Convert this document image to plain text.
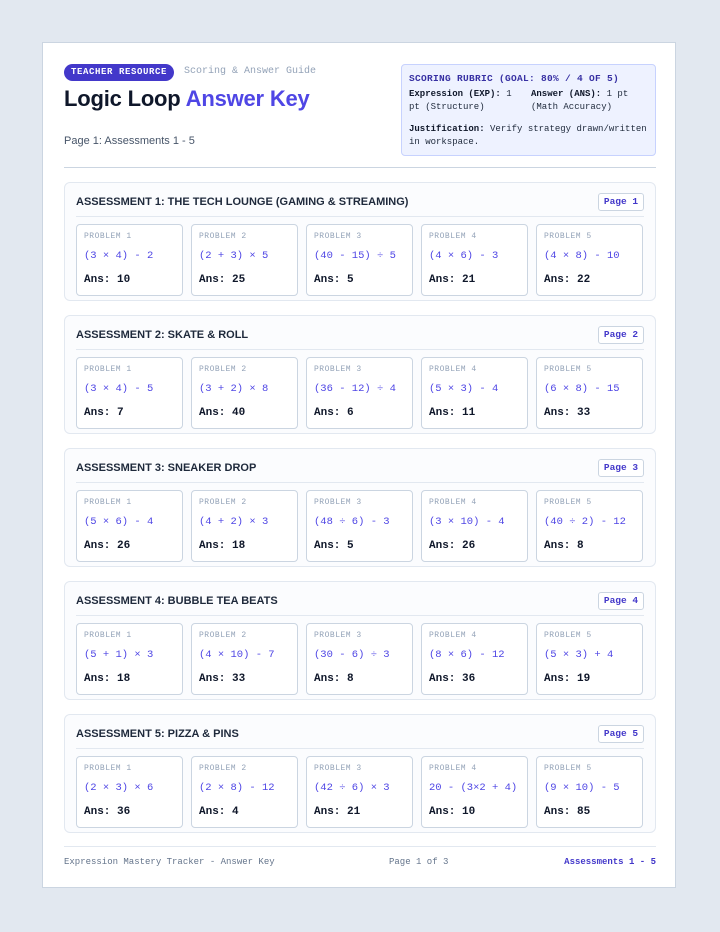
TEACHER RESOURCE	Scoring & Answer Guide
Logic Loop Answer Key
Page 1: Assessments 1 - 5
SCORING RUBRIC (GOAL: 80% / 4 OF 5)
Expression (EXP): 1 pt (Structure)
Answer (ANS): 1 pt (Math Accuracy)
Justification: Verify strategy drawn/written in workspace.
ASSESSMENT 1: THE TECH LOUNGE (GAMING & STREAMING)	Page 1
PROBLEM 1
(3 × 4) - 2
Ans: 10
PROBLEM 2
(2 + 3) × 5
Ans: 25
PROBLEM 3
(40 - 15) ÷ 5
Ans: 5
PROBLEM 4
(4 × 6) - 3
Ans: 21
PROBLEM 5
(4 × 8) - 10
Ans: 22
ASSESSMENT 2: SKATE & ROLL	Page 2
PROBLEM 1
(3 × 4) - 5
Ans: 7
PROBLEM 2
(3 + 2) × 8
Ans: 40
PROBLEM 3
(36 - 12) ÷ 4
Ans: 6
PROBLEM 4
(5 × 3) - 4
Ans: 11
PROBLEM 5
(6 × 8) - 15
Ans: 33
ASSESSMENT 3: SNEAKER DROP	Page 3
PROBLEM 1
(5 × 6) - 4
Ans: 26
PROBLEM 2
(4 + 2) × 3
Ans: 18
PROBLEM 3
(48 ÷ 6) - 3
Ans: 5
PROBLEM 4
(3 × 10) - 4
Ans: 26
PROBLEM 5
(40 ÷ 2) - 12
Ans: 8
ASSESSMENT 4: BUBBLE TEA BEATS	Page 4
PROBLEM 1
(5 + 1) × 3
Ans: 18
PROBLEM 2
(4 × 10) - 7
Ans: 33
PROBLEM 3
(30 - 6) ÷ 3
Ans: 8
PROBLEM 4
(8 × 6) - 12
Ans: 36
PROBLEM 5
(5 × 3) + 4
Ans: 19
ASSESSMENT 5: PIZZA & PINS	Page 5
PROBLEM 1
(2 × 3) × 6
Ans: 36
PROBLEM 2
(2 × 8) - 12
Ans: 4
PROBLEM 3
(42 ÷ 6) × 3
Ans: 21
PROBLEM 4
20 - (3×2 + 4)
Ans: 10
PROBLEM 5
(9 × 10) - 5
Ans: 85
Expression Mastery Tracker - Answer Key	Page 1 of 3	Assessments 1 - 5
